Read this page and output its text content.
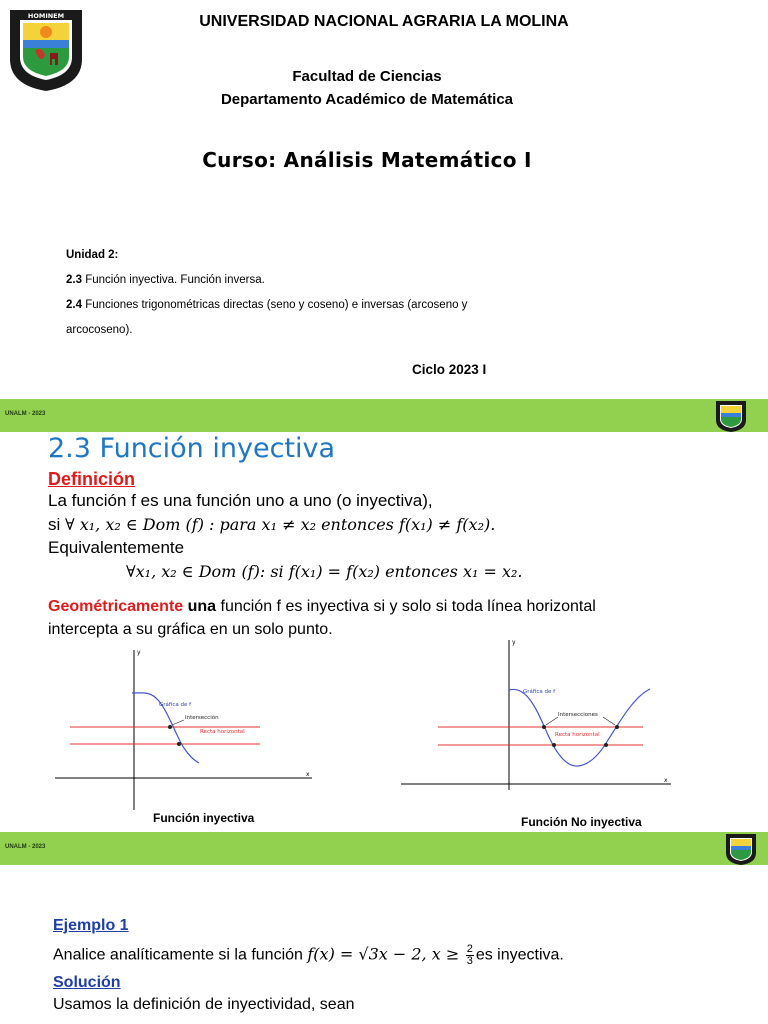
HOMINEM	UNIVERSIDAD NACIONAL AGRARIA LA MOLINA
Facultad de Ciencias
Departamento Académico de Matemática
Curso: Análisis Matemático I
Unidad 2:
2.3 Función inyectiva. Función inversa.
2.4 Funciones trigonométricas directas (seno y coseno) e inversas (arcoseno y
arcocoseno).
Ciclo 2023 I
UNALM - 2023
2.3 Función inyectiva
Definición
La función f es una función uno a uno (o inyectiva),
si ∀ x₁, x₂ ∈ Dom (f) : para x₁ ≠ x₂ entonces f(x₁) ≠ f(x₂).
Equivalentemente
∀x₁, x₂ ∈ Dom (f): si f(x₁) = f(x₂) entonces x₁ = x₂.
Geométricamente una función f es inyectiva si y solo si toda línea horizontal
intercepta a su gráfica en un solo punto.
y
x
Gráfica de f
Intersección
Recta horizontal
Función inyectiva
y
x
Gráfica de f
Intersecciones
Recta horizontal
Función No inyectiva
UNALM - 2023
Ejemplo 1
Analice analíticamente si la función f(x) = √3x − 2, $x \ge \frac{2}{3}$ es inyectiva.
Solución
Usamos la definición de inyectividad, sean
